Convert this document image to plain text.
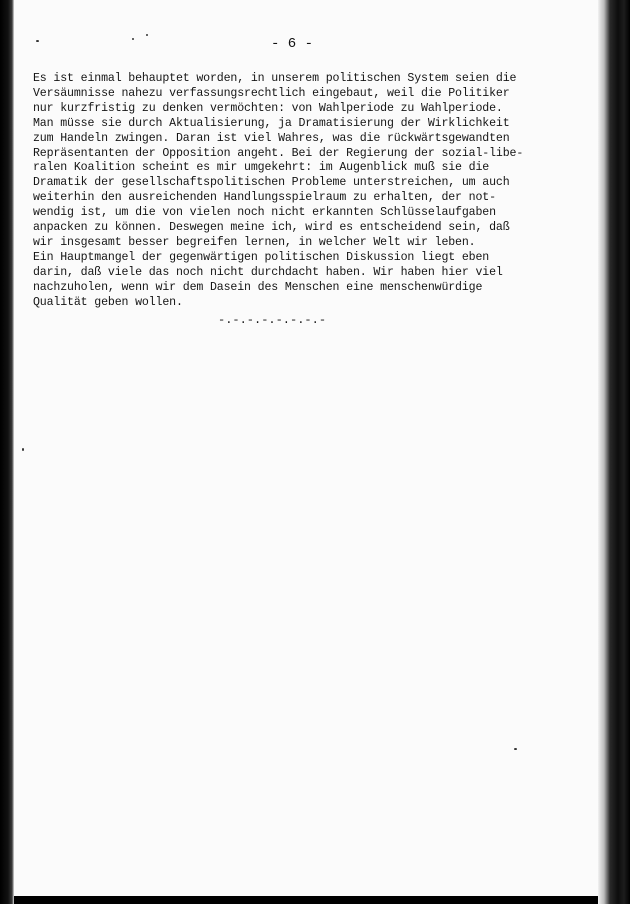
- 6 -
Es ist einmal behauptet worden, in unserem politischen System seien die
Versäumnisse nahezu verfassungsrechtlich eingebaut, weil die Politiker
nur kurzfristig zu denken vermöchten: von Wahlperiode zu Wahlperiode.
Man müsse sie durch Aktualisierung, ja Dramatisierung der Wirklichkeit
zum Handeln zwingen. Daran ist viel Wahres, was die rückwärtsgewandten
Repräsentanten der Opposition angeht. Bei der Regierung der sozial-libe-
ralen Koalition scheint es mir umgekehrt: im Augenblick muß sie die
Dramatik der gesellschaftspolitischen Probleme unterstreichen, um auch
weiterhin den ausreichenden Handlungsspielraum zu erhalten, der not-
wendig ist, um die von vielen noch nicht erkannten Schlüsselaufgaben
anpacken zu können. Deswegen meine ich, wird es entscheidend sein, daß
wir insgesamt besser begreifen lernen, in welcher Welt wir leben.
Ein Hauptmangel der gegenwärtigen politischen Diskussion liegt eben
darin, daß viele das noch nicht durchdacht haben. Wir haben hier viel
nachzuholen, wenn wir dem Dasein des Menschen eine menschenwürdige
Qualität geben wollen.
-.-.-.-.-.-.-.-
